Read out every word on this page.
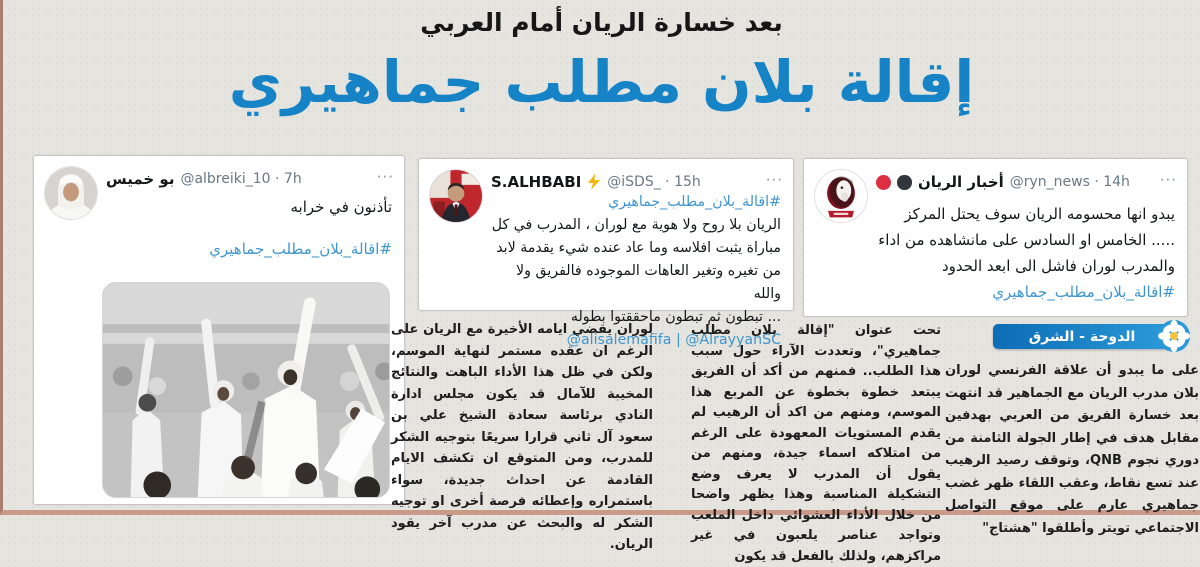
بعد خسارة الريان أمام العربي
إقالة بلان مطلب جماهيري
بو خميس @albreiki_10 · 7h	···
تأذنون في خرابه
#اقالة_بلان_مطلب_جماهيري
S.ALHBABI @iSDS_ · 15h	···
#اقالة_بلان_مطلب_جماهيري
الريان بلا روح ولا هوية مع لوران ، المدرب في كل
مباراة يثبت افلاسه وما عاد عنده شيء يقدمة لابد
من تغيره وتغير العاهات الموجوده فالفريق ولا والله
... تبطون ثم تبطون ماحققتوا بطوله
@alisalemafifa | @AlrayyanSC
أخبار الريان @ryn_news · 14h ···
يبدو انها محسومه الريان سوف يحتل المركز
..... الخامس او السادس على مانشاهده من اداء
والمدرب لوران فاشل الى ابعد الحدود
#اقالة_بلان_مطلب_جماهيري
الدوحة - الشرق

على ما يبدو أن علاقة الفرنسي لوران بلان مدرب الريان مع الجماهير قد انتهت بعد خسارة الفريق من العربي بهدفين مقابل هدف في إطار الجولة الثامنة من دوري نجوم QNB، وتوقف رصيد الرهيب عند تسع نقاط، وعقب اللقاء ظهر غضب جماهيري عارم على موقع التواصل الاجتماعي تويتر وأطلقوا "هشتاج"

تحت عنوان "إقالة بلان مطلب جماهيري"، وتعددت الآراء حول سبب هذا الطلب.. فمنهم من أكد أن الفريق يبتعد خطوة بخطوة عن المربع هذا الموسم، ومنهم من اكد أن الرهيب لم يقدم المستويات المعهودة على الرغم من امتلاكه اسماء جيدة، ومنهم من يقول أن المدرب لا يعرف وضع التشكيلة المناسبة وهذا يظهر واضحا من خلال الأداء العشوائي داخل الملعب وتواجد عناصر يلعبون في غير مراكزهم، ولذلك بالفعل قد يكون

لوران يقضي ايامه الأخيرة مع الريان على الرغم ان عقده مستمر لنهاية الموسم، ولكن في ظل هذا الأداء الباهت والنتائج المخيبة للآمال قد يكون مجلس ادارة النادي برئاسة سعادة الشيخ علي بن سعود آل ثاني قرارا سريعًا بتوجيه الشكر للمدرب، ومن المتوقع ان تكشف الايام القادمة عن احداث جديدة، سواء باستمراره وإعطائه فرصة أخرى او توجيه الشكر له والبحث عن مدرب آخر يقود الريان.
